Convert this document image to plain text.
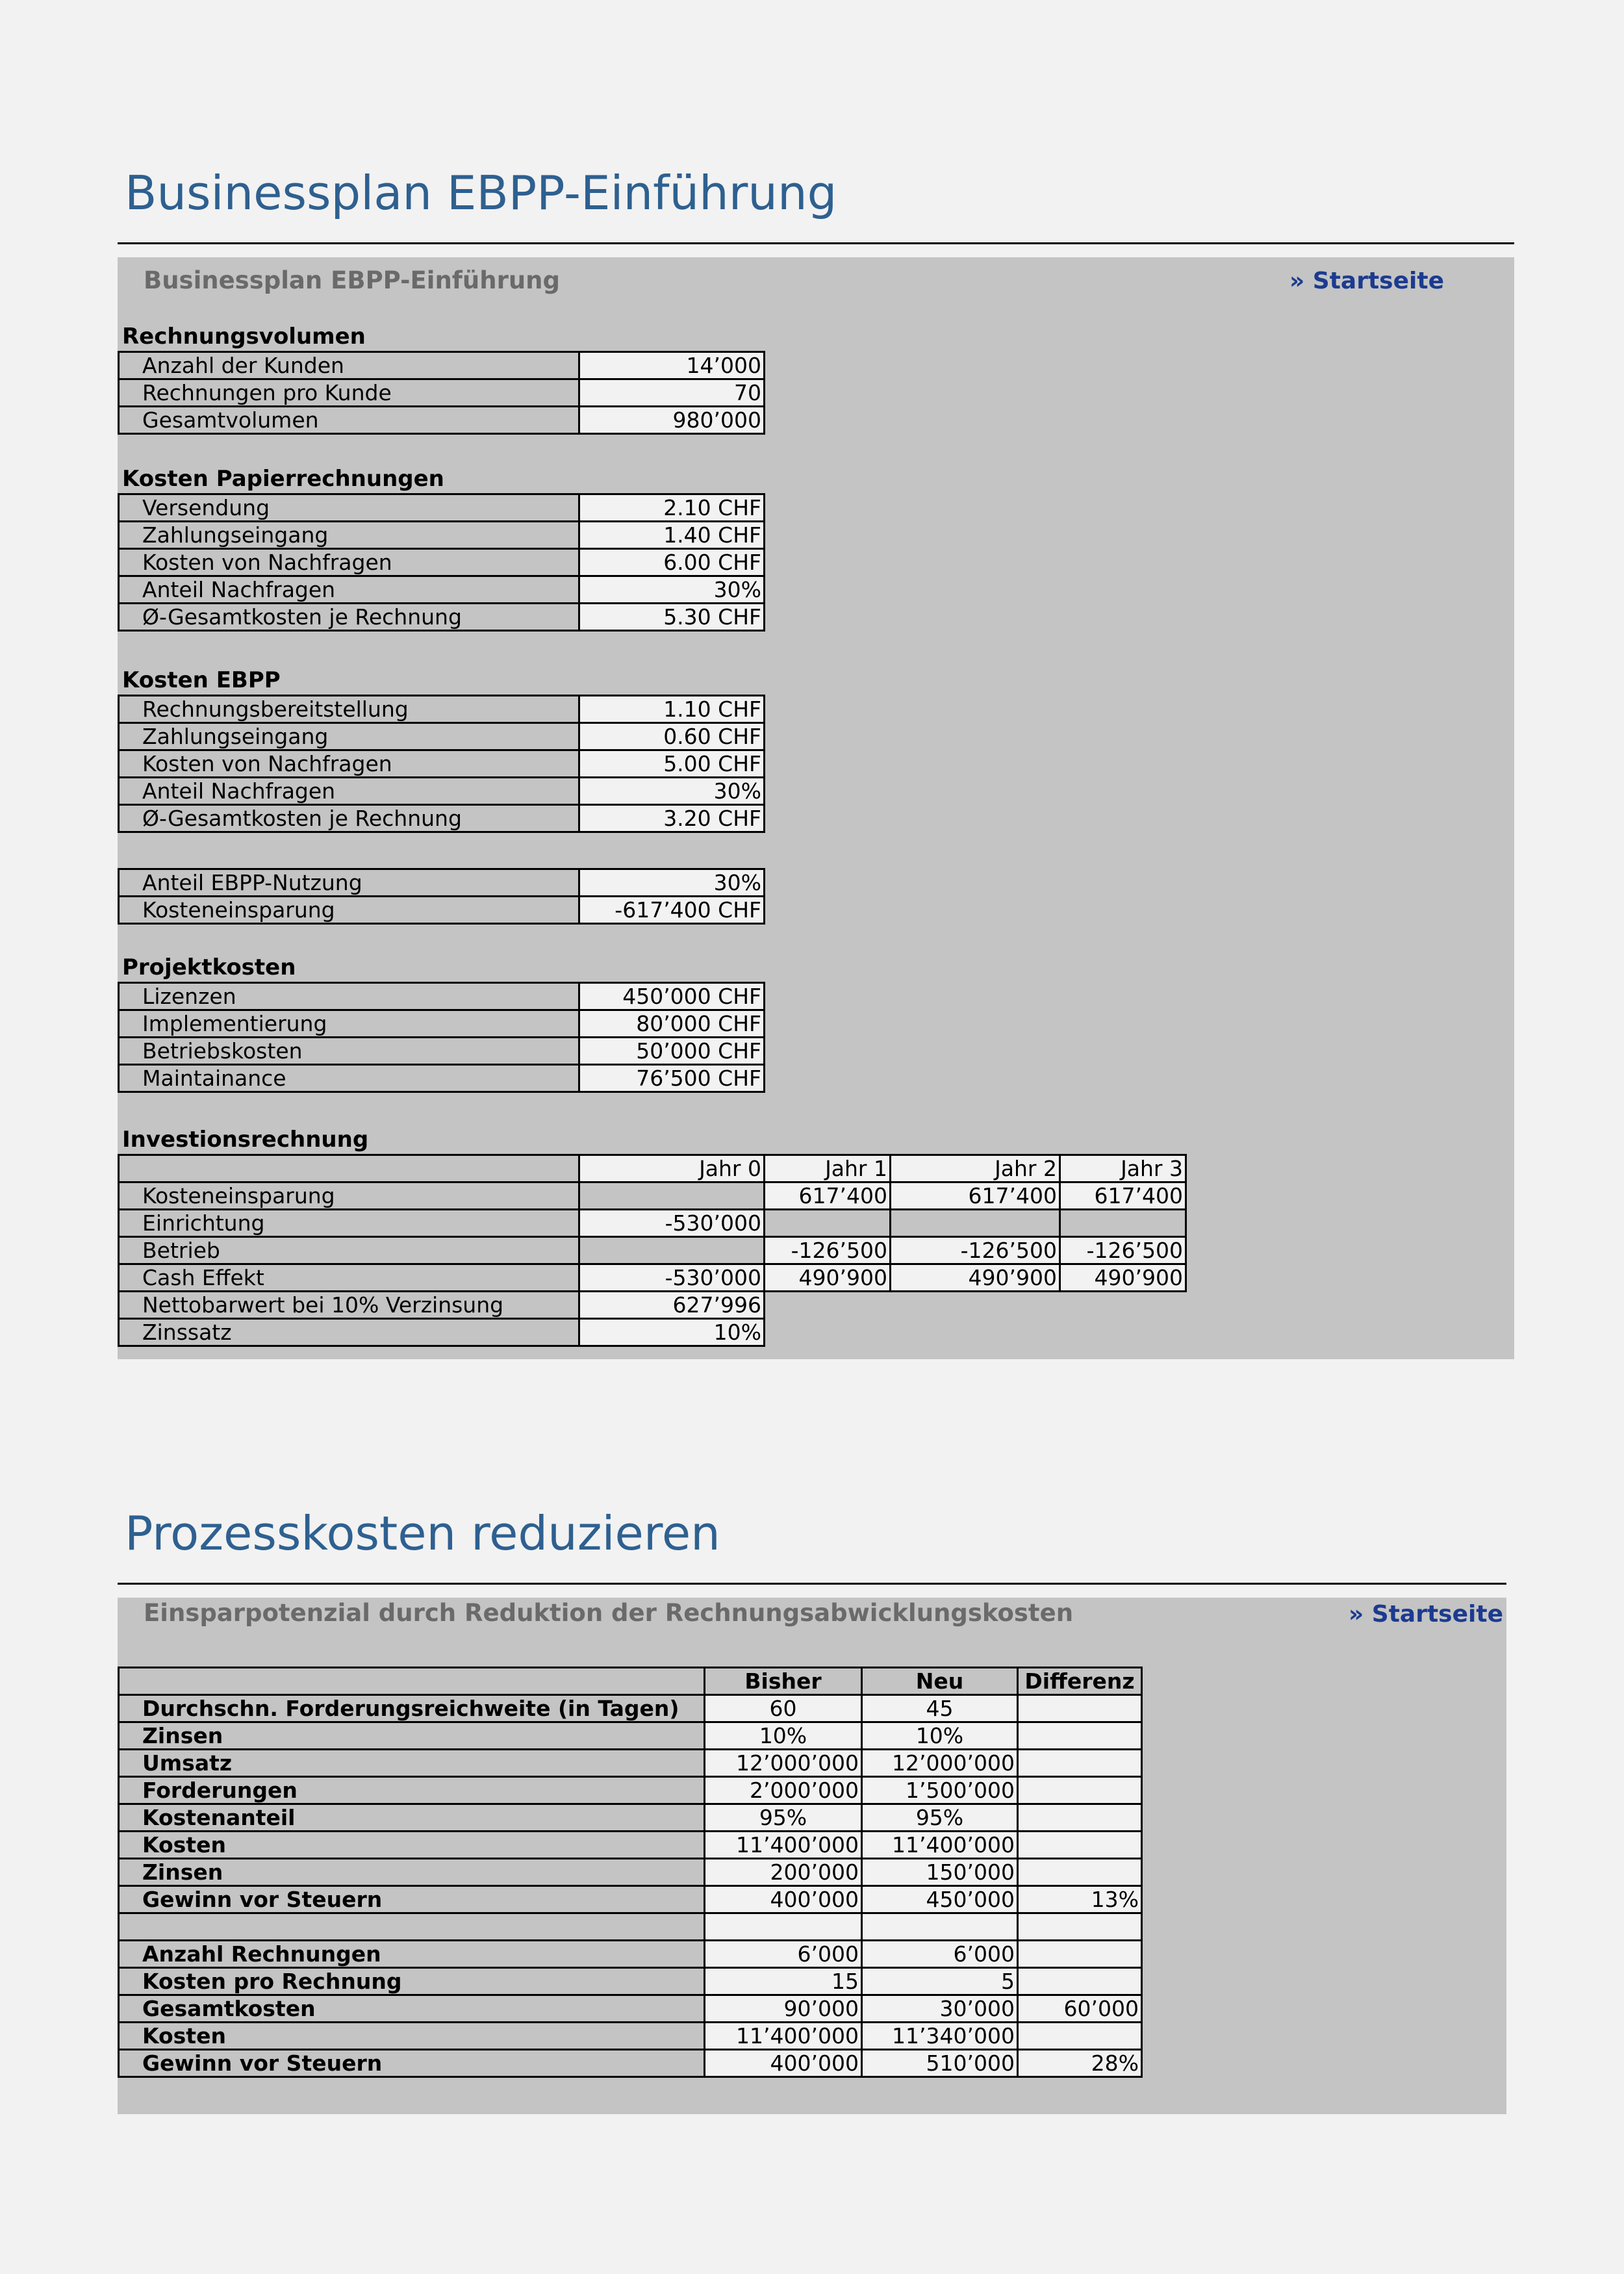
Businessplan EBPP-Einführung
Businessplan EBPP-Einführung	» Startseite
Rechnungsvolumen
Anzahl der Kunden	14’000
Rechnungen pro Kunde	70
Gesamtvolumen	980’000
Kosten Papierrechnungen
Versendung	2.10 CHF
Zahlungseingang	1.40 CHF
Kosten von Nachfragen	6.00 CHF
Anteil Nachfragen	30%
Ø-Gesamtkosten je Rechnung	5.30 CHF
Kosten EBPP
Rechnungsbereitstellung	1.10 CHF
Zahlungseingang	0.60 CHF
Kosten von Nachfragen	5.00 CHF
Anteil Nachfragen	30%
Ø-Gesamtkosten je Rechnung	3.20 CHF
Anteil EBPP-Nutzung	30%
Kosteneinsparung	-617’400 CHF
Projektkosten
Lizenzen	450’000 CHF
Implementierung	80’000 CHF
Betriebskosten	50’000 CHF
Maintainance	76’500 CHF
Investionsrechnung
	Jahr 0	Jahr 1	Jahr 2	Jahr 3
Kosteneinsparung		617’400	617’400	617’400
Einrichtung	-530’000			
Betrieb		-126’500	-126’500	-126’500
Cash Effekt	-530’000	490’900	490’900	490’900
Nettobarwert bei 10% Verzinsung	627’996			
Zinssatz	10%			
Prozesskosten reduzieren
Einsparpotenzial durch Reduktion der Rechnungsabwicklungskosten	» Startseite
	Bisher	Neu	Differenz
Durchschn. Forderungsreichweite (in Tagen)	60	45	
Zinsen	10%	10%	
Umsatz	12’000’000	12’000’000	
Forderungen	2’000’000	1’500’000	
Kostenanteil	95%	95%	
Kosten	11’400’000	11’400’000	
Zinsen	200’000	150’000	
Gewinn vor Steuern	400’000	450’000	13%

Anzahl Rechnungen	6’000	6’000	
Kosten pro Rechnung	15	5	
Gesamtkosten	90’000	30’000	60’000
Kosten	11’400’000	11’340’000	
Gewinn vor Steuern	400’000	510’000	28%
